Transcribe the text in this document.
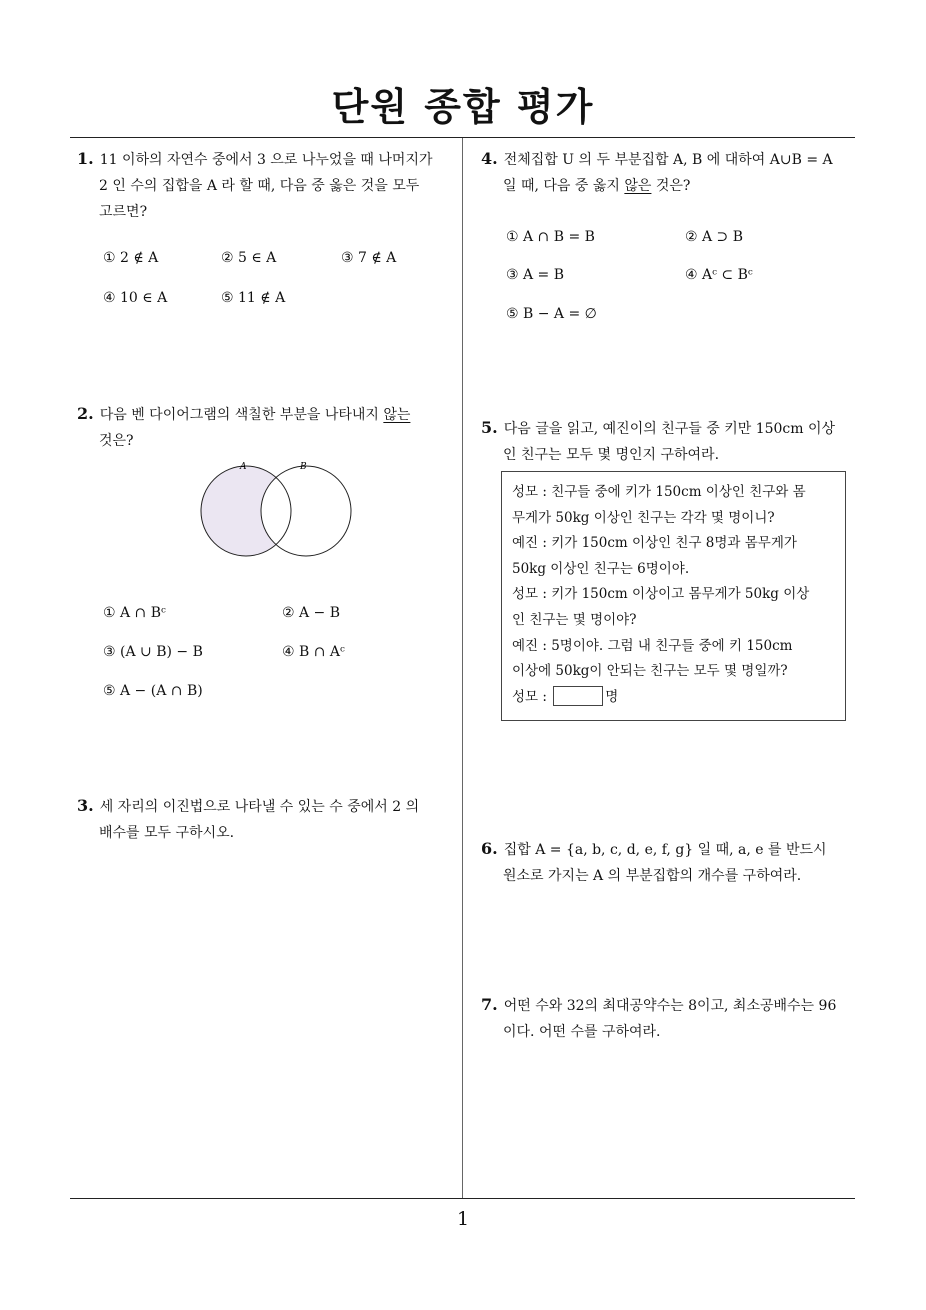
단원 종합 평가
1. 11 이하의 자연수 중에서 3 으로 나누었을 때 나머지가
2 인 수의 집합을 A 라 할 때, 다음 중 옳은 것을 모두
고르면?
① 2 ∉ A	② 5 ∈ A	③ 7 ∉ A
④ 10 ∈ A	⑤ 11 ∉ A
2. 다음 벤 다이어그램의 색칠한 부분을 나타내지 않는
것은?
A	B
① A ∩ Bᶜ	② A − B
③ (A ∪ B) − B	④ B ∩ Aᶜ
⑤ A − (A ∩ B)
3. 세 자리의 이진법으로 나타낼 수 있는 수 중에서 2 의
배수를 모두 구하시오.
4. 전체집합 U 의 두 부분집합 A, B 에 대하여 A∪B = A
일 때, 다음 중 옳지 않은 것은?
① A ∩ B = B	② A ⊃ B
③ A = B	④ Aᶜ ⊂ Bᶜ
⑤ B − A = ∅
5. 다음 글을 읽고, 예진이의 친구들 중 키만 150cm 이상
인 친구는 모두 몇 명인지 구하여라.
성모 : 친구들 중에 키가 150cm 이상인 친구와 몸
무게가 50kg 이상인 친구는 각각 몇 명이니?
예진 : 키가 150cm 이상인 친구 8명과 몸무게가
50kg 이상인 친구는 6명이야.
성모 : 키가 150cm 이상이고 몸무게가 50kg 이상
인 친구는 몇 명이야?
예진 : 5명이야. 그럼 내 친구들 중에 키 150cm
이상에 50kg이 안되는 친구는 모두 몇 명일까?
성모 :	명
6. 집합 A = {a, b, c, d, e, f, g} 일 때, a, e 를 반드시
원소로 가지는 A 의 부분집합의 개수를 구하여라.
7. 어떤 수와 32의 최대공약수는 8이고, 최소공배수는 96
이다. 어떤 수를 구하여라.
1
